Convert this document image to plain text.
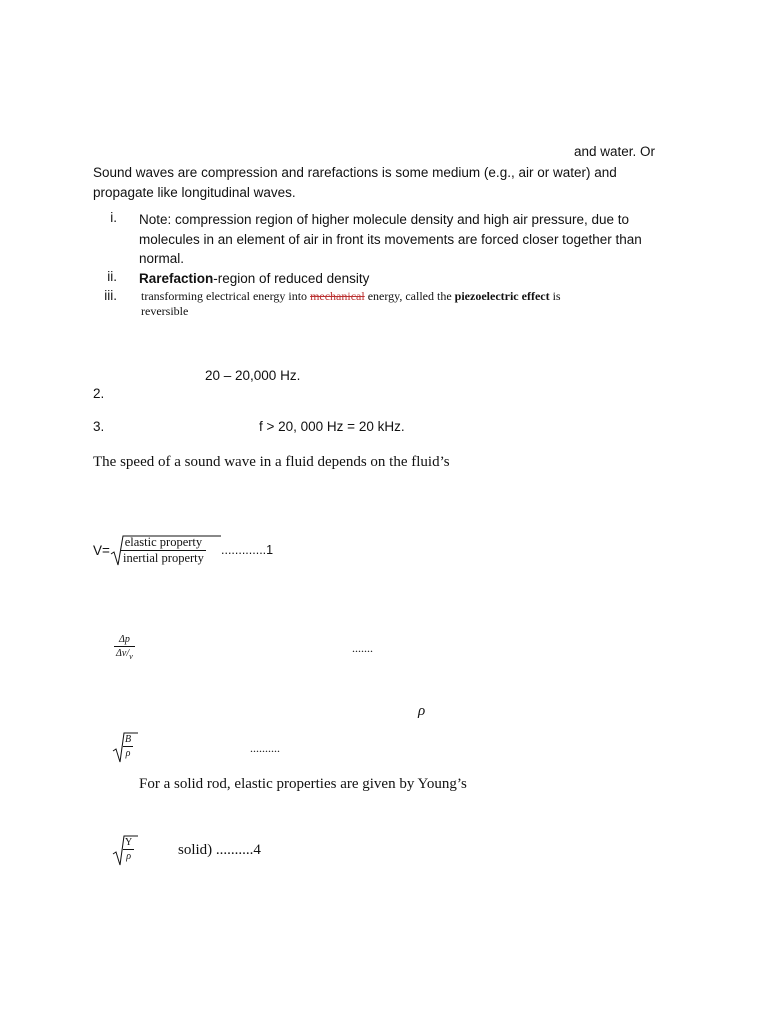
and water. Or
Sound waves are compression and rarefactions is some medium (e.g., air or water) and propagate like longitudinal waves.
i. Note: compression region of higher molecule density and high air pressure, due to molecules in an element of air in front its movements are forced closer together than normal.
ii. Rarefaction-region of reduced density
iii. transforming electrical energy into mechanical energy, called the piezoelectric effect is
reversible
20 – 20,000 Hz.
2.
3.	f > 20, 000 Hz = 20 kHz.
The speed of a sound wave in a fluid depends on the fluid’s
V=
elastic property
inertial property
.............1
$\frac{\Delta p}{\Delta v/_v}$	.......
ρ
$\frac{B}{\rho}$	..........
For a solid rod, elastic properties are given by Young’s
$\frac{Y}{\rho}$	solid) ..........4
